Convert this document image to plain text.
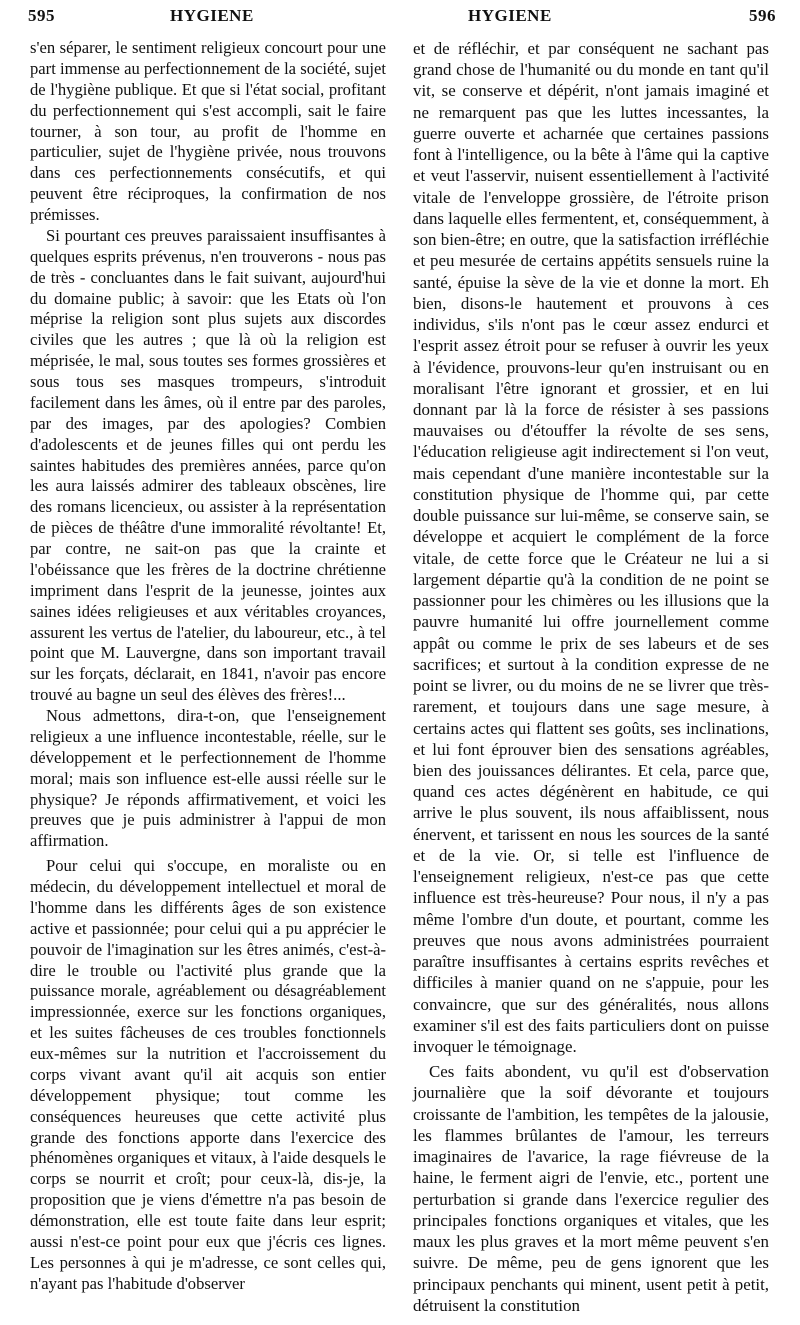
595	HYGIENE	HYGIENE	596

s'en séparer, le sentiment religieux concourt pour une part immense au perfectionnement de la société, sujet de l'hygiène publique. Et que si l'état social, profitant du perfectionnement qui s'est accompli, sait le faire tourner, à son tour, au profit de l'homme en particulier, sujet de l'hygiène privée, nous trouvons dans ces perfectionnements consécutifs, et qui peuvent être réciproques, la confirmation de nos prémisses.

Si pourtant ces preuves paraissaient insuffisantes à quelques esprits prévenus, n'en trouverons - nous pas de très - concluantes dans le fait suivant, aujourd'hui du domaine public; à savoir: que les Etats où l'on méprise la religion sont plus sujets aux discordes civiles que les autres ; que là où la religion est méprisée, le mal, sous toutes ses formes grossières et sous tous ses masques trompeurs, s'introduit facilement dans les âmes, où il entre par des paroles, par des images, par des apologies? Combien d'adolescents et de jeunes filles qui ont perdu les saintes habitudes des premières années, parce qu'on les aura laissés admirer des tableaux obscènes, lire des romans licencieux, ou assister à la représentation de pièces de théâtre d'une immoralité révoltante! Et, par contre, ne sait-on pas que la crainte et l'obéissance que les frères de la doctrine chrétienne impriment dans l'esprit de la jeunesse, jointes aux saines idées religieuses et aux véritables croyances, assurent les vertus de l'atelier, du laboureur, etc., à tel point que M. Lauvergne, dans son important travail sur les forçats, déclarait, en 1841, n'avoir pas encore trouvé au bagne un seul des élèves des frères!...

Nous admettons, dira-t-on, que l'enseignement religieux a une influence incontestable, réelle, sur le développement et le perfectionnement de l'homme moral; mais son influence est-elle aussi réelle sur le physique? Je réponds affirmativement, et voici les preuves que je puis administrer à l'appui de mon affirmation.

Pour celui qui s'occupe, en moraliste ou en médecin, du développement intellectuel et moral de l'homme dans les différents âges de son existence active et passionnée; pour celui qui a pu apprécier le pouvoir de l'imagination sur les êtres animés, c'est-à-dire le trouble ou l'activité plus grande que la puissance morale, agréablement ou désagréablement impressionnée, exerce sur les fonctions organiques, et les suites fâcheuses de ces troubles fonctionnels eux-mêmes sur la nutrition et l'accroissement du corps vivant avant qu'il ait acquis son entier développement physique; tout comme les conséquences heureuses que cette activité plus grande des fonctions apporte dans l'exercice des phénomènes organiques et vitaux, à l'aide desquels le corps se nourrit et croît; pour ceux-là, dis-je, la proposition que je viens d'émettre n'a pas besoin de démonstration, elle est toute faite dans leur esprit; aussi n'est-ce point pour eux que j'écris ces lignes. Les personnes à qui je m'adresse, ce sont celles qui, n'ayant pas l'habitude d'observer

et de réfléchir, et par conséquent ne sachant pas grand chose de l'humanité ou du monde en tant qu'il vit, se conserve et dépérit, n'ont jamais imaginé et ne remarquent pas que les luttes incessantes, la guerre ouverte et acharnée que certaines passions font à l'intelligence, ou la bête à l'âme qui la captive et veut l'asservir, nuisent essentiellement à l'activité vitale de l'enveloppe grossière, de l'étroite prison dans laquelle elles fermentent, et, conséquemment, à son bien-être; en outre, que la satisfaction irréfléchie et peu mesurée de certains appétits sensuels ruine la santé, épuise la sève de la vie et donne la mort. Eh bien, disons-le hautement et prouvons à ces individus, s'ils n'ont pas le cœur assez endurci et l'esprit assez étroit pour se refuser à ouvrir les yeux à l'évidence, prouvons-leur qu'en instruisant ou en moralisant l'être ignorant et grossier, et en lui donnant par là la force de résister à ses passions mauvaises ou d'étouffer la révolte de ses sens, l'éducation religieuse agit indirectement si l'on veut, mais cependant d'une manière incontestable sur la constitution physique de l'homme qui, par cette double puissance sur lui-même, se conserve sain, se développe et acquiert le complément de la force vitale, de cette force que le Créateur ne lui a si largement départie qu'à la condition de ne point se passionner pour les chimères ou les illusions que la pauvre humanité lui offre journellement comme appât ou comme le prix de ses labeurs et de ses sacrifices; et surtout à la condition expresse de ne point se livrer, ou du moins de ne se livrer que très-rarement, et toujours dans une sage mesure, à certains actes qui flattent ses goûts, ses inclinations, et lui font éprouver bien des sensations agréables, bien des jouissances délirantes. Et cela, parce que, quand ces actes dégénèrent en habitude, ce qui arrive le plus souvent, ils nous affaiblissent, nous énervent, et tarissent en nous les sources de la santé et de la vie. Or, si telle est l'influence de l'enseignement religieux, n'est-ce pas que cette influence est très-heureuse? Pour nous, il n'y a pas même l'ombre d'un doute, et pourtant, comme les preuves que nous avons administrées pourraient paraître insuffisantes à certains esprits revêches et difficiles à manier quand on ne s'appuie, pour les convaincre, que sur des généralités, nous allons examiner s'il est des faits particuliers dont on puisse invoquer le témoignage.

Ces faits abondent, vu qu'il est d'observation journalière que la soif dévorante et toujours croissante de l'ambition, les tempêtes de la jalousie, les flammes brûlantes de l'amour, les terreurs imaginaires de l'avarice, la rage fiévreuse de la haine, le ferment aigri de l'envie, etc., portent une perturbation si grande dans l'exercice regulier des principales fonctions organiques et vitales, que les maux les plus graves et la mort même peuvent s'en suivre. De même, peu de gens ignorent que les principaux penchants qui minent, usent petit à petit, détruisent la constitution
